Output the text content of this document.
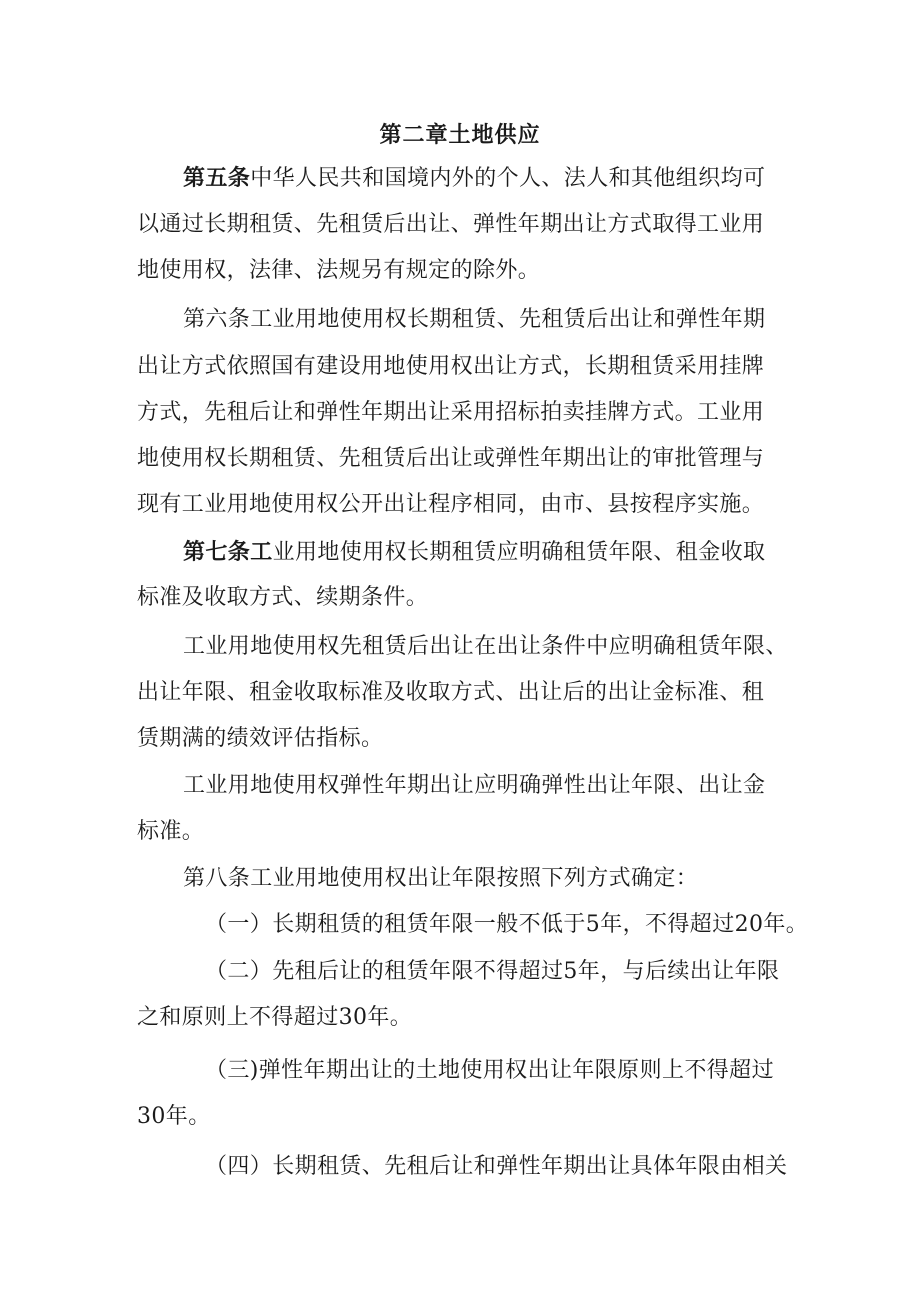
第二章土地供应
第五条中华人民共和国境内外的个人、法人和其他组织均可
以通过长期租赁、先租赁后出让、弹性年期出让方式取得工业用
地使用权，法律、法规另有规定的除外。
第六条工业用地使用权长期租赁、先租赁后出让和弹性年期
出让方式依照国有建设用地使用权出让方式，长期租赁采用挂牌
方式，先租后让和弹性年期出让采用招标拍卖挂牌方式。工业用
地使用权长期租赁、先租赁后出让或弹性年期出让的审批管理与
现有工业用地使用权公开出让程序相同，由市、县按程序实施。
第七条工业用地使用权长期租赁应明确租赁年限、租金收取
标准及收取方式、续期条件。
工业用地使用权先租赁后出让在出让条件中应明确租赁年限、
出让年限、租金收取标准及收取方式、出让后的出让金标准、租
赁期满的绩效评估指标。
工业用地使用权弹性年期出让应明确弹性出让年限、出让金
标准。
第八条工业用地使用权出让年限按照下列方式确定：
（一）长期租赁的租赁年限一般不低于5年，不得超过20年。
（二）先租后让的租赁年限不得超过5年，与后续出让年限
之和原则上不得超过30年。
（三)弹性年期出让的土地使用权出让年限原则上不得超过
30年。
（四）长期租赁、先租后让和弹性年期出让具体年限由相关
